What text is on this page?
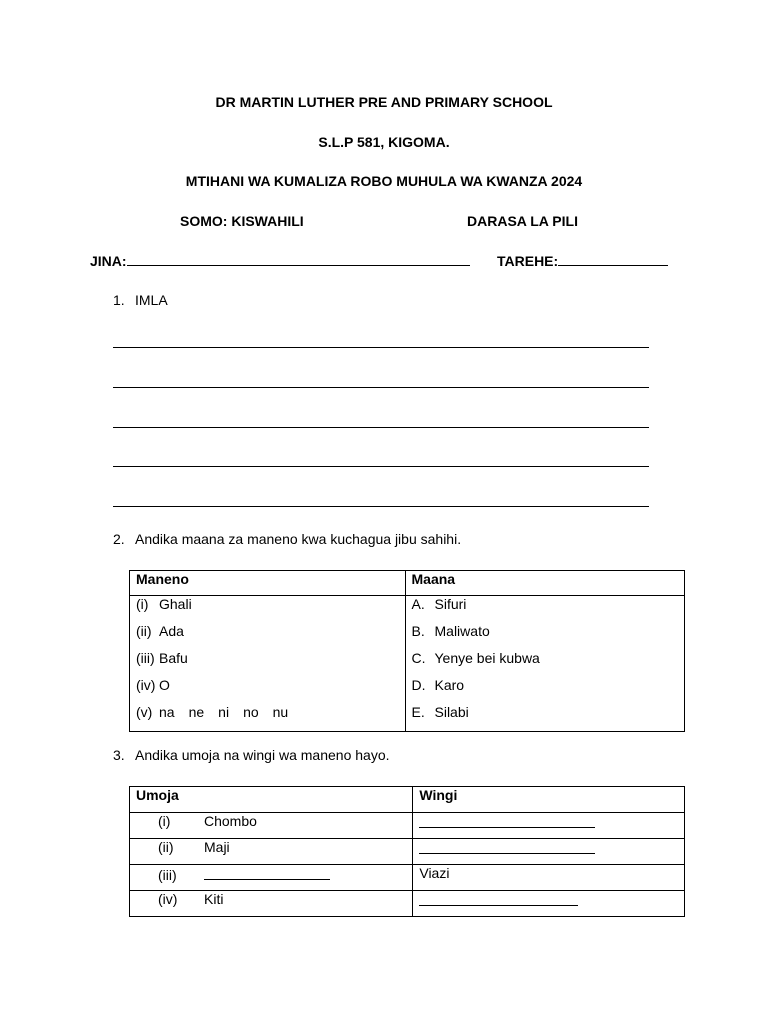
DR MARTIN LUTHER PRE AND PRIMARY SCHOOL
S.L.P 581, KIGOMA.
MTIHANI WA KUMALIZA ROBO MUHULA WA KWANZA 2024
SOMO: KISWAHILI	DARASA LA PILI
JINA:	TAREHE:
1. IMLA
2. Andika maana za maneno kwa kuchagua jibu sahihi.
Maneno	Maana
(i) Ghali	A. Sifuri
(ii) Ada	B. Maliwato
(iii) Bafu	C. Yenye bei kubwa
(iv) O	D. Karo
(v) na ne ni no nu	E. Silabi
3. Andika umoja na wingi wa maneno hayo.
Umoja	Wingi
(i) Chombo	
(ii) Maji	
(iii)	Viazi
(iv) Kiti	
